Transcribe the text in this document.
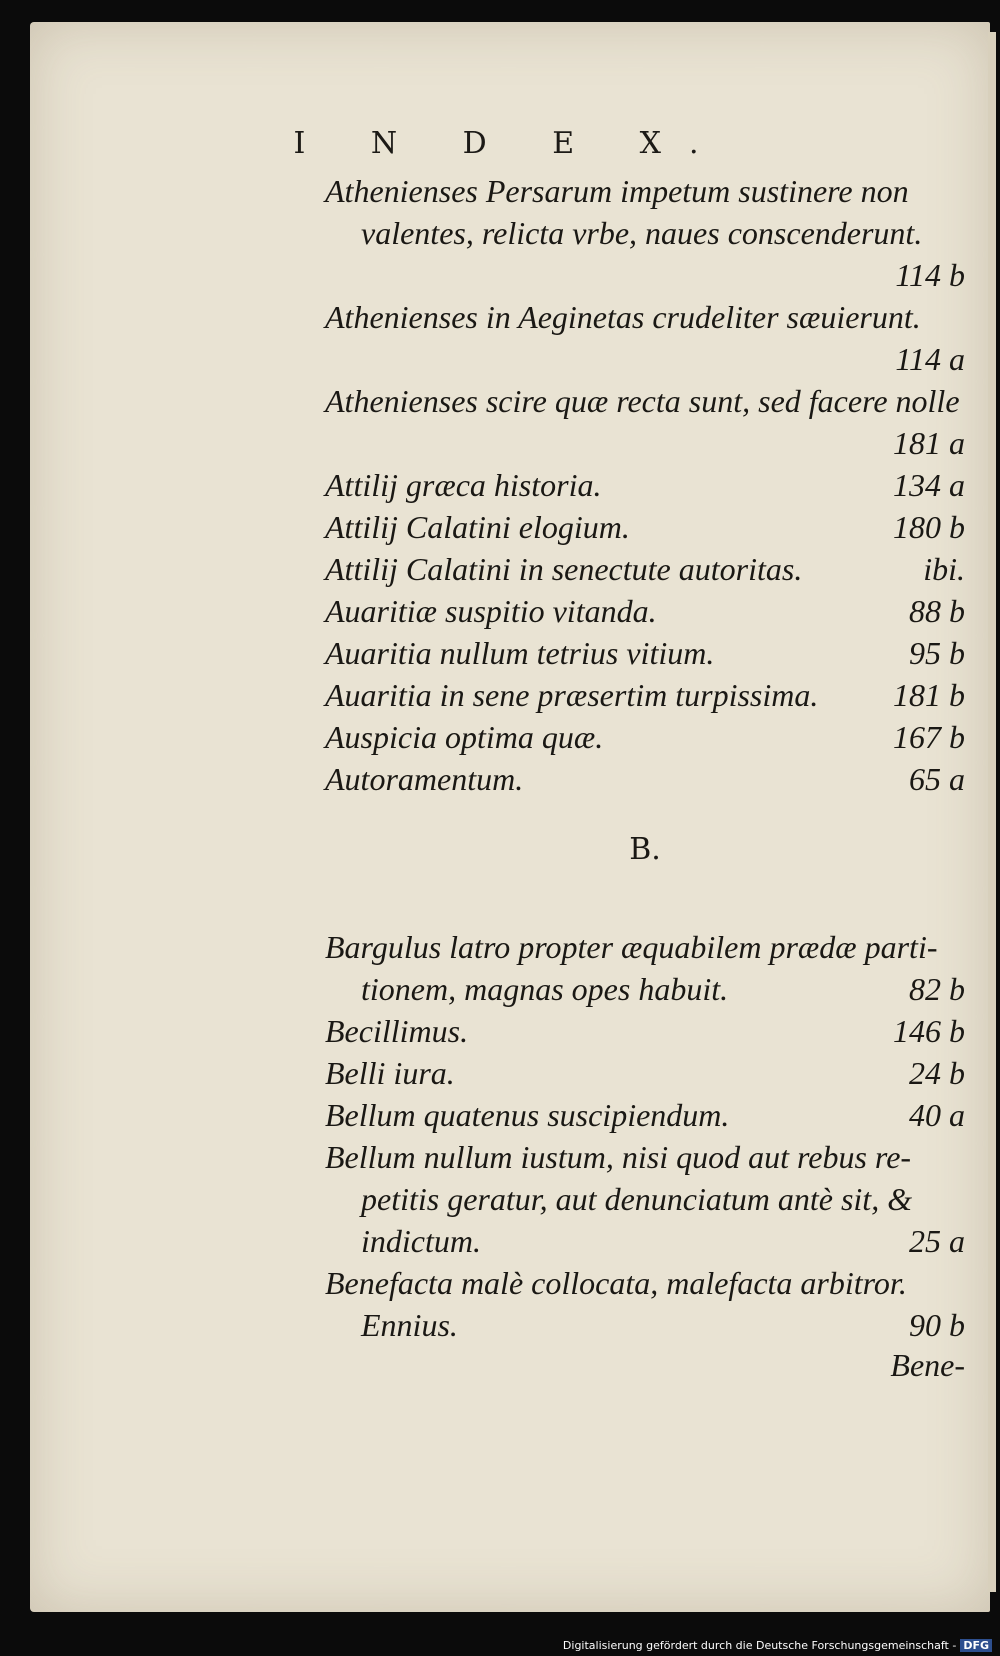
I N D E X.
Athenienses Persarum impetum sustinere non
valentes, relicta vrbe, naues conscenderunt.
114 b
Athenienses in Aeginetas crudeliter sæuierunt.
114 a
Athenienses scire quæ recta sunt, sed facere nolle
181 a
Attilij græca historia.	134 a
Attilij Calatini elogium.	180 b
Attilij Calatini in senectute autoritas.	ibi.
Auaritiæ suspitio vitanda.	88 b
Auaritia nullum tetrius vitium.	95 b
Auaritia in sene præsertim turpissima.	181 b
Auspicia optima quæ.	167 b
Autoramentum.	65 a
B.
Bargulus latro propter æquabilem prædæ parti-
tionem, magnas opes habuit.	82 b
Becillimus.	146 b
Belli iura.	24 b
Bellum quatenus suscipiendum.	40 a
Bellum nullum iustum, nisi quod aut rebus re-
petitis geratur, aut denunciatum antè sit, &
indictum.	25 a
Benefacta malè collocata, malefacta arbitror.
Ennius.	90 b
Bene-
Digitalisierung gefördert durch die Deutsche Forschungsgemeinschaft - DFG
